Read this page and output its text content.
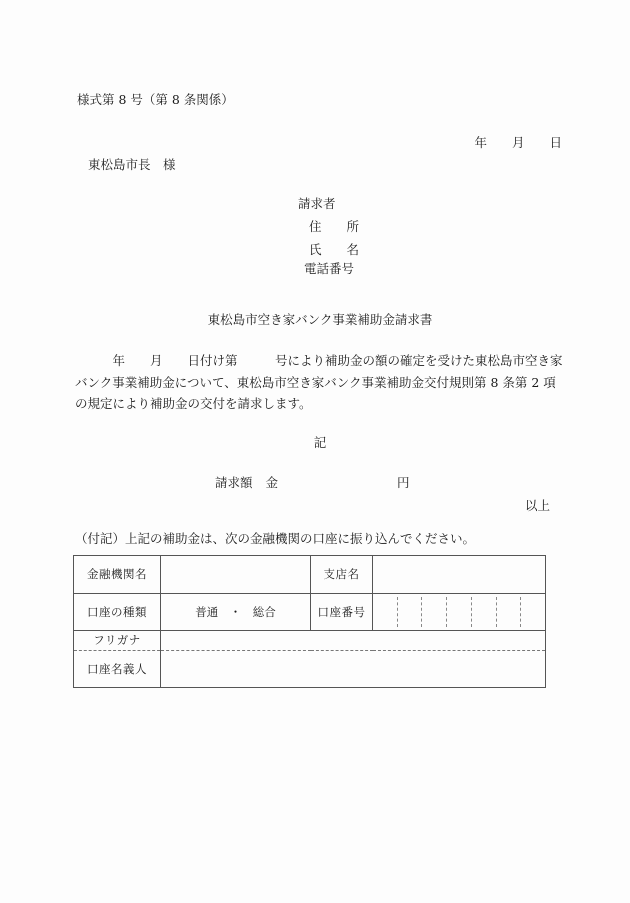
様式第 8 号（第 8 条関係）
年　　月　　日
東松島市長　様
請求者
住　　所
氏　　名
電話番号
東松島市空き家バンク事業補助金請求書

　　　年　　月　　日付け第　　　号により補助金の額の確定を受けた東松島市空き家バンク事業補助金について、東松島市空き家バンク事業補助金交付規則第 8 条第 2 項の規定により補助金の交付を請求します。

記
請求額 金	円
以上
（付記）上記の補助金は、次の金融機関の口座に振り込んでください。
金融機関名		支店名	
口座の種類	普通　・　総合	口座番号	

フリガナ			
口座名義人			
